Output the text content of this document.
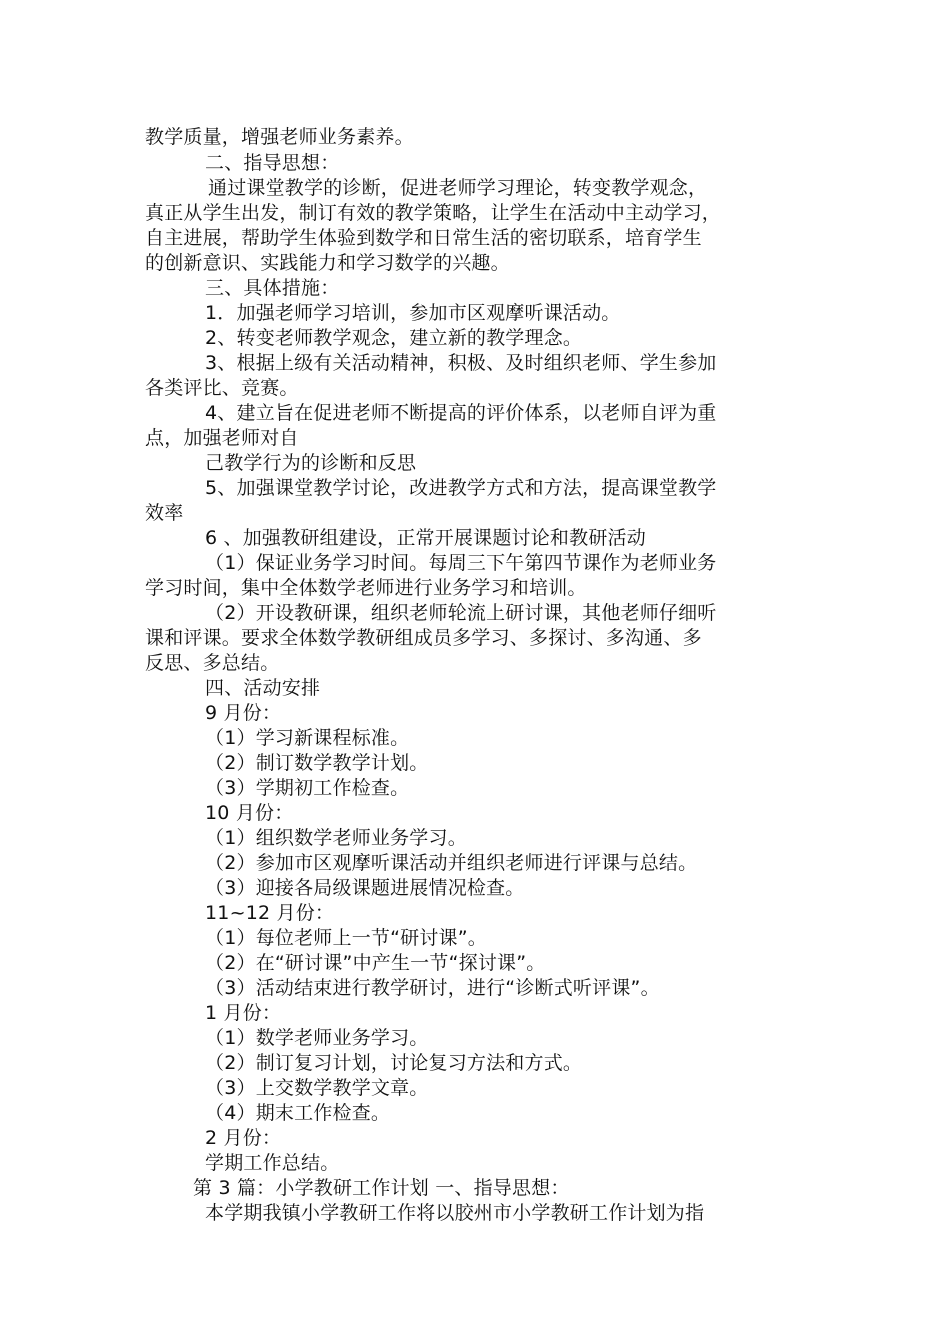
教学质量，增强老师业务素养。
二、指导思想：
通过课堂教学的诊断，促进老师学习理论，转变教学观念，
真正从学生出发，制订有效的教学策略，让学生在活动中主动学习，
自主进展，帮助学生体验到数学和日常生活的密切联系，培育学生
的创新意识、实践能力和学习数学的兴趣。
三、具体措施：
1．加强老师学习培训，参加市区观摩听课活动。
2、转变老师教学观念，建立新的教学理念。
3、根据上级有关活动精神，积极、及时组织老师、学生参加
各类评比、竞赛。
4、建立旨在促进老师不断提高的评价体系，以老师自评为重
点，加强老师对自
己教学行为的诊断和反思
5、加强课堂教学讨论，改进教学方式和方法，提高课堂教学
效率
6 、加强教研组建设，正常开展课题讨论和教研活动
（1）保证业务学习时间。每周三下午第四节课作为老师业务
学习时间，集中全体数学老师进行业务学习和培训。
（2）开设教研课，组织老师轮流上研讨课，其他老师仔细听
课和评课。要求全体数学教研组成员多学习、多探讨、多沟通、多
反思、多总结。
四、活动安排
9 月份：
（1）学习新课程标准。
（2）制订数学教学计划。
（3）学期初工作检查。
10 月份：
（1）组织数学老师业务学习。
（2）参加市区观摩听课活动并组织老师进行评课与总结。
（3）迎接各局级课题进展情况检查。
11~12 月份：
（1）每位老师上一节“研讨课”。
（2）在“研讨课”中产生一节“探讨课”。
（3）活动结束进行教学研讨，进行“诊断式听评课”。
1 月份：
（1）数学老师业务学习。
（2）制订复习计划，讨论复习方法和方式。
（3）上交数学教学文章。
（4）期末工作检查。
2 月份：
学期工作总结。
第 3 篇：小学教研工作计划 一、指导思想：
本学期我镇小学教研工作将以胶州市小学教研工作计划为指
